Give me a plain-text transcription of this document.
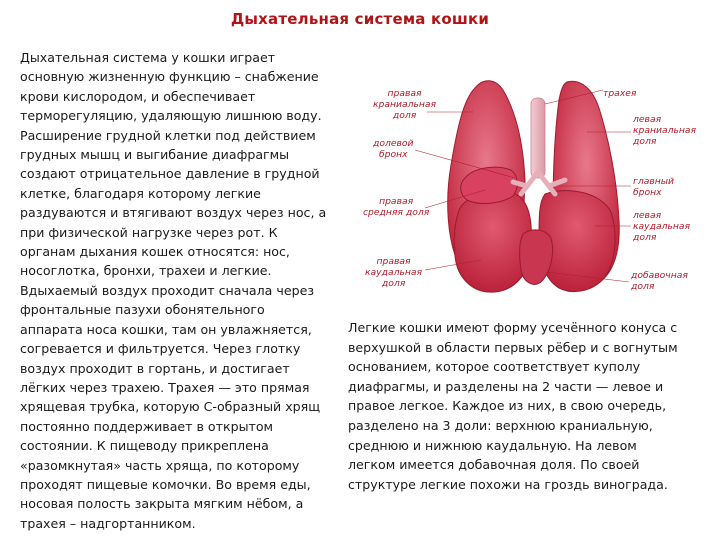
Дыхательная система кошки
Дыхательная система у кошки играет
основную жизненную функцию – снабжение
крови кислородом, и обеспечивает
терморегуляцию, удаляющую лишнюю воду.
Расширение грудной клетки под действием
грудных мышц и выгибание диафрагмы
создают отрицательное давление в грудной
клетке, благодаря которому легкие
раздуваются и втягивают воздух через нос, а
при физической нагрузке через рот. К
органам дыхания кошек относятся: нос,
носоглотка, бронхи, трахеи и легкие.
Вдыхаемый воздух проходит сначала через
фронтальные пазухи обонятельного
аппарата носа кошки, там он увлажняется,
согревается и фильтруется. Через глотку
воздух проходит в гортань, и достигает
лёгких через трахею. Трахея — это прямая
хрящевая трубка, которую С-образный хрящ
постоянно поддерживает в открытом
состоянии. К пищеводу прикреплена
«разомкнутая» часть хряща, по которому
проходят пищевые комочки. Во время еды,
носовая полость закрыта мягким нёбом, а
трахея – надгортанником.
правая
краниальная
доля
трахея
долевой
бронх
левая
краниальная
доля
главный
бронх
правая
средняя доля	левая
каудальная
доля
правая
каудальная
доля
добавочная
доля
Легкие кошки имеют форму усечённого конуса с
верхушкой в области первых рёбер и с вогнутым
основанием, которое соответствует куполу
диафрагмы, и разделены на 2 части — левое и
правое легкое. Каждое из них, в свою очередь,
разделено на 3 доли: верхнюю краниальную,
среднюю и нижнюю каудальную. На левом
легком имеется добавочная доля. По своей
структуре легкие похожи на гроздь винограда.
